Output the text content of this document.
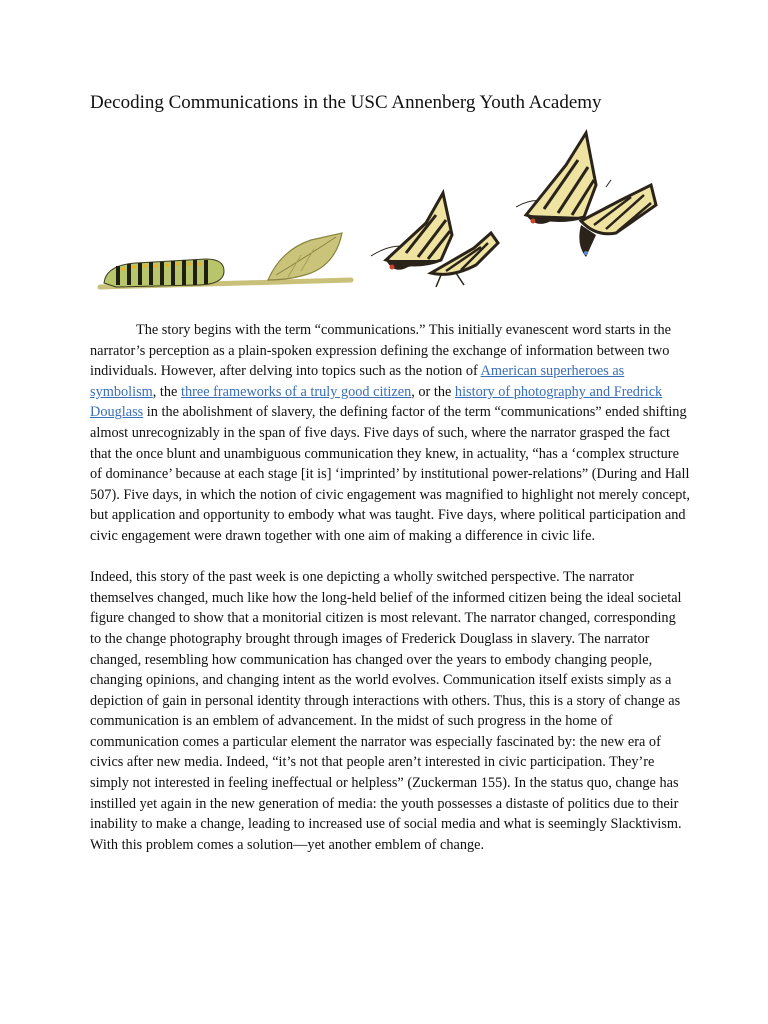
Decoding Communications in the USC Annenberg Youth Academy

The story begins with the term “communications.” This initially evanescent word starts in the narrator’s perception as a plain-spoken expression defining the exchange of information between two individuals. However, after delving into topics such as the notion of American superheroes as symbolism, the three frameworks of a truly good citizen, or the history of photography and Fredrick Douglass in the abolishment of slavery, the defining factor of the term “communications” ended shifting almost unrecognizably in the span of five days. Five days of such, where the narrator grasped the fact that the once blunt and unambiguous communication they knew, in actuality, “has a ‘complex structure of dominance’ because at each stage [it is] ‘imprinted’ by institutional power-relations” (During and Hall 507). Five days, in which the notion of civic engagement was magnified to highlight not merely concept, but application and opportunity to embody what was taught. Five days, where political participation and civic engagement were drawn together with one aim of making a difference in civic life.

Indeed, this story of the past week is one depicting a wholly switched perspective. The narrator themselves changed, much like how the long-held belief of the informed citizen being the ideal societal figure changed to show that a monitorial citizen is most relevant. The narrator changed, corresponding to the change photography brought through images of Frederick Douglass in slavery. The narrator changed, resembling how communication has changed over the years to embody changing people, changing opinions, and changing intent as the world evolves. Communication itself exists simply as a depiction of gain in personal identity through interactions with others. Thus, this is a story of change as communication is an emblem of advancement. In the midst of such progress in the home of communication comes a particular element the narrator was especially fascinated by: the new era of civics after new media. Indeed, “it’s not that people aren’t interested in civic participation. They’re simply not interested in feeling ineffectual or helpless” (Zuckerman 155). In the status quo, change has instilled yet again in the new generation of media: the youth possesses a distaste of politics due to their inability to make a change, leading to increased use of social media and what is seemingly Slacktivism. With this problem comes a solution—yet another emblem of change.
